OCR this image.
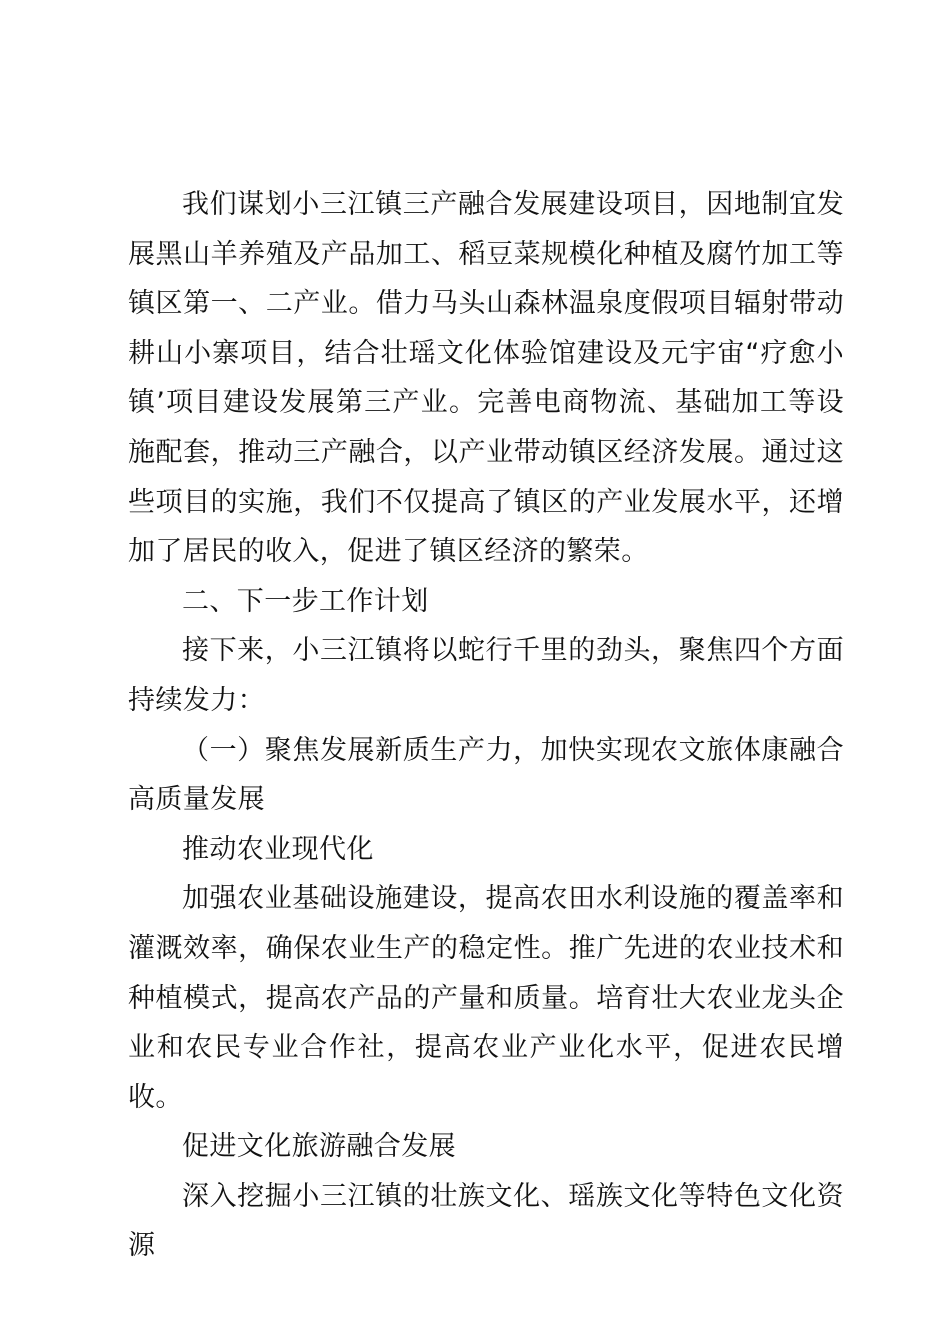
我们谋划小三江镇三产融合发展建设项目，因地制宜发展黑山羊养殖及产品加工、稻豆菜规模化种植及腐竹加工等镇区第一、二产业。借力马头山森林温泉度假项目辐射带动耕山小寨项目，结合壮瑶文化体验馆建设及元宇宙“疗愈小镇’项目建设发展第三产业。完善电商物流、基础加工等设施配套，推动三产融合，以产业带动镇区经济发展。通过这些项目的实施，我们不仅提高了镇区的产业发展水平，还增加了居民的收入，促进了镇区经济的繁荣。

二、下一步工作计划

接下来，小三江镇将以蛇行千里的劲头，聚焦四个方面持续发力：

（一）聚焦发展新质生产力，加快实现农文旅体康融合高质量发展

推动农业现代化

加强农业基础设施建设，提高农田水利设施的覆盖率和灌溉效率，确保农业生产的稳定性。推广先进的农业技术和种植模式，提高农产品的产量和质量。培育壮大农业龙头企业和农民专业合作社，提高农业产业化水平，促进农民增收。

促进文化旅游融合发展

深入挖掘小三江镇的壮族文化、瑶族文化等特色文化资源
